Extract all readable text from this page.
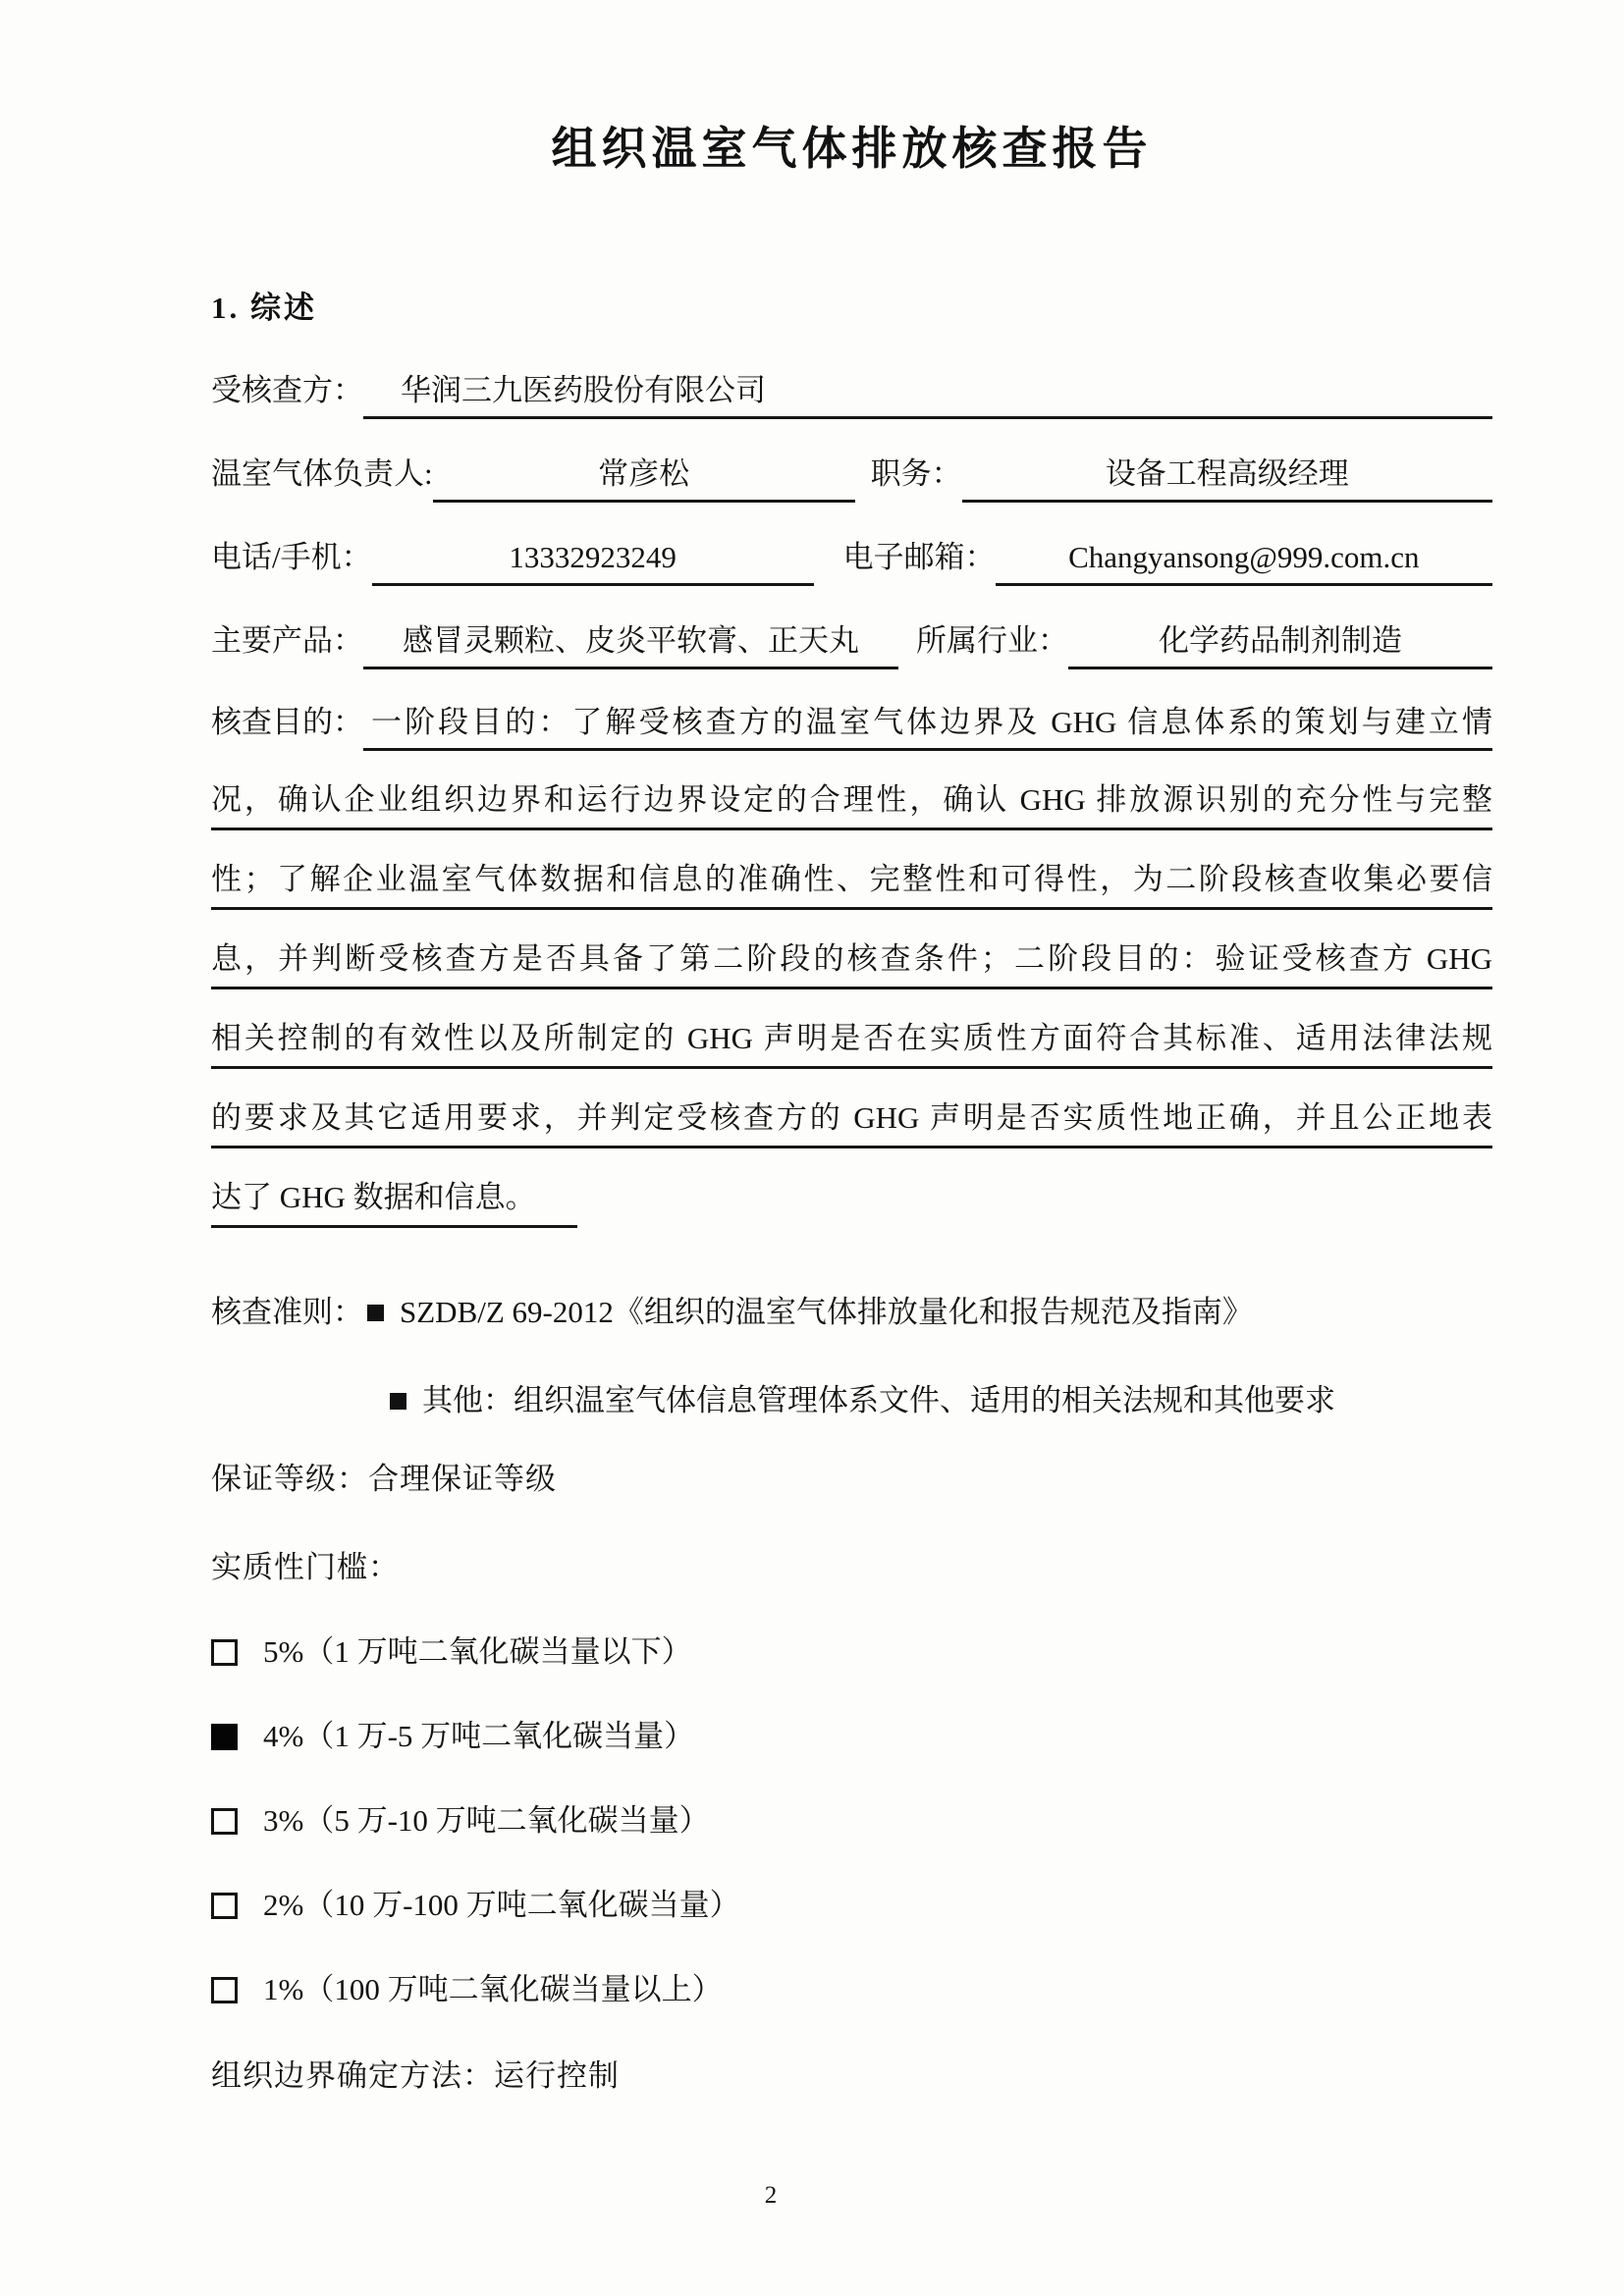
组织温室气体排放核查报告
1. 综述
受核查方：	华润三九医药股份有限公司
温室气体负责人:	常彦松	职务：	设备工程高级经理
电话/手机：	13332923249	电子邮箱：	Changyansong@999.com.cn
主要产品：	感冒灵颗粒、皮炎平软膏、正天丸	所属行业：	化学药品制剂制造
核查目的： 一阶段目的：了解受核查方的温室气体边界及 GHG 信息体系的策划与建立情
况，确认企业组织边界和运行边界设定的合理性，确认 GHG 排放源识别的充分性与完整
性；了解企业温室气体数据和信息的准确性、完整性和可得性，为二阶段核查收集必要信
息，并判断受核查方是否具备了第二阶段的核查条件；二阶段目的：验证受核查方 GHG
相关控制的有效性以及所制定的 GHG 声明是否在实质性方面符合其标准、适用法律法规
的要求及其它适用要求，并判定受核查方的 GHG 声明是否实质性地正确，并且公正地表
达了 GHG 数据和信息。
核查准则： SZDB/Z 69-2012《组织的温室气体排放量化和报告规范及指南》
其他：组织温室气体信息管理体系文件、适用的相关法规和其他要求
保证等级：合理保证等级
实质性门槛：
5%（1 万吨二氧化碳当量以下）
4%（1 万-5 万吨二氧化碳当量）
3%（5 万-10 万吨二氧化碳当量）
2%（10 万-100 万吨二氧化碳当量）
1%（100 万吨二氧化碳当量以上）
组织边界确定方法：运行控制
2
